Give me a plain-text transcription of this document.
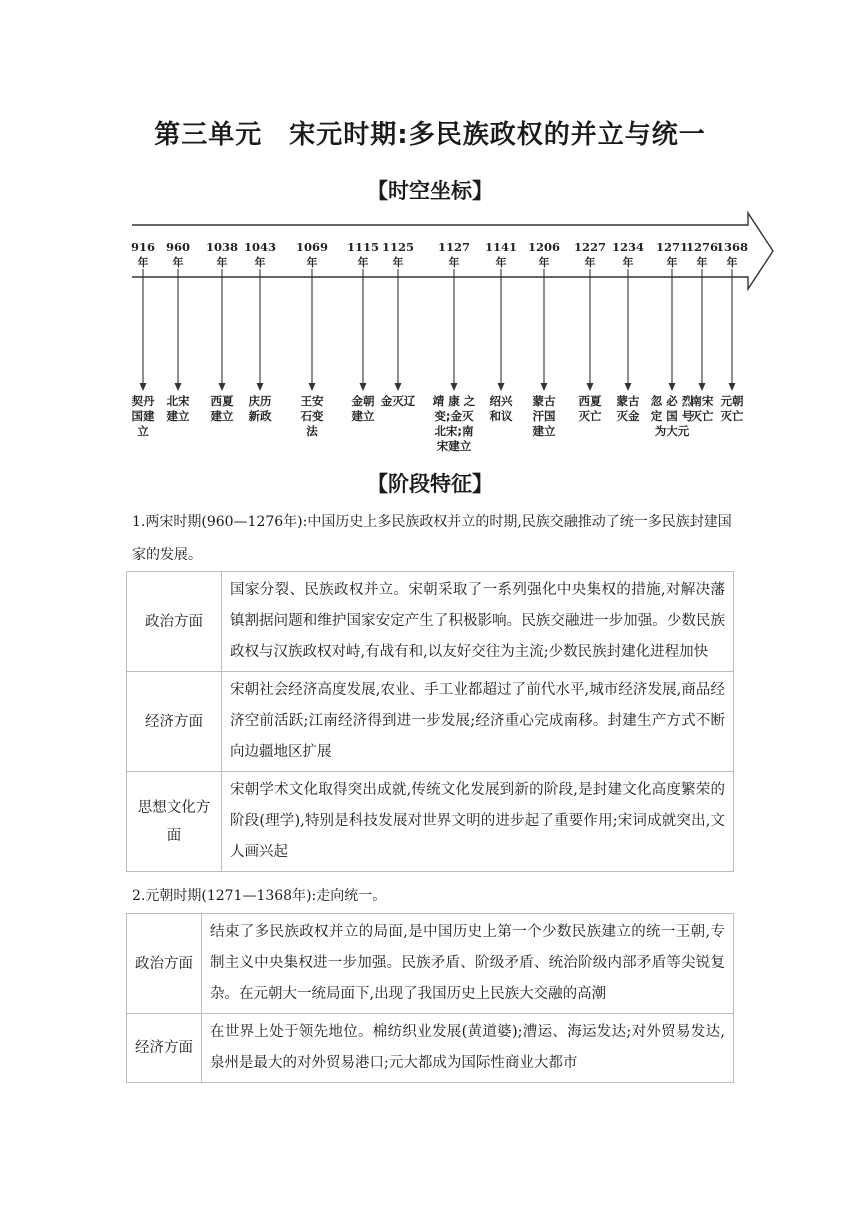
第三单元　宋元时期:多民族政权的并立与统一
【时空坐标】
916
年
契丹
国建
立
960
年
北宋
建立
1038
年
西夏
建立
1043
年
庆历
新政
1069
年
王安
石变
法
1115
年
金朝
建立
1125
年
金灭辽
1127
年
靖 康 之
变;金灭
北宋;南
宋建立
1141
年
绍兴
和议
1206
年
蒙古
汗国
建立
1227
年
西夏
灭亡
1234
年
蒙古
灭金
1271
年
忽 必 烈
定 国 号
为大元
1276
年
南宋
灭亡
1368
年
元朝
灭亡
【阶段特征】
1.两宋时期(960—1276年):中国历史上多民族政权并立的时期,民族交融推动了统一多民族封建国家的发展。
政治方面	国家分裂、民族政权并立。宋朝采取了一系列强化中央集权的措施,对解决藩镇割据问题和维护国家安定产生了积极影响。民族交融进一步加强。少数民族政权与汉族政权对峙,有战有和,以友好交往为主流;少数民族封建化进程加快
经济方面	宋朝社会经济高度发展,农业、手工业都超过了前代水平,城市经济发展,商品经济空前活跃;江南经济得到进一步发展;经济重心完成南移。封建生产方式不断向边疆地区扩展
思想文化方面	宋朝学术文化取得突出成就,传统文化发展到新的阶段,是封建文化高度繁荣的阶段(理学),特别是科技发展对世界文明的进步起了重要作用;宋词成就突出,文人画兴起
2.元朝时期(1271—1368年):走向统一。
政治方面	结束了多民族政权并立的局面,是中国历史上第一个少数民族建立的统一王朝,专制主义中央集权进一步加强。民族矛盾、阶级矛盾、统治阶级内部矛盾等尖锐复杂。在元朝大一统局面下,出现了我国历史上民族大交融的高潮
经济方面	在世界上处于领先地位。棉纺织业发展(黄道婆);漕运、海运发达;对外贸易发达,泉州是最大的对外贸易港口;元大都成为国际性商业大都市
